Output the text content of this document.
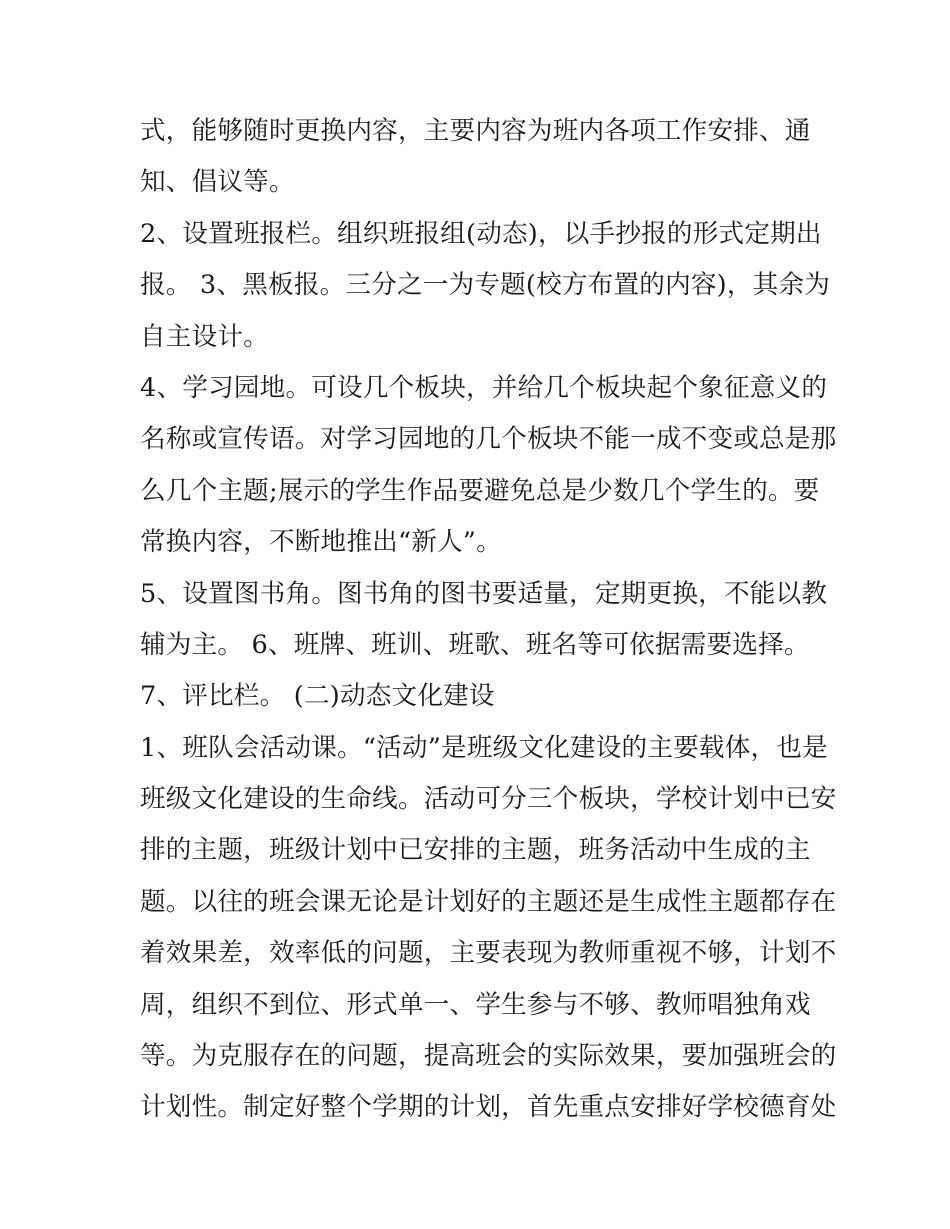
式，能够随时更换内容，主要内容为班内各项工作安排、通
知、倡议等。
2、设置班报栏。组织班报组(动态)，以手抄报的形式定期出
报。 3、黑板报。三分之一为专题(校方布置的内容)，其余为
自主设计。
4、学习园地。可设几个板块，并给几个板块起个象征意义的
名称或宣传语。对学习园地的几个板块不能一成不变或总是那
么几个主题;展示的学生作品要避免总是少数几个学生的。要
常换内容，不断地推出“新人”。
5、设置图书角。图书角的图书要适量，定期更换，不能以教
辅为主。 6、班牌、班训、班歌、班名等可依据需要选择。
7、评比栏。 (二)动态文化建设
1、班队会活动课。“活动”是班级文化建设的主要载体，也是
班级文化建设的生命线。活动可分三个板块，学校计划中已安
排的主题，班级计划中已安排的主题，班务活动中生成的主
题。以往的班会课无论是计划好的主题还是生成性主题都存在
着效果差，效率低的问题，主要表现为教师重视不够，计划不
周，组织不到位、形式单一、学生参与不够、教师唱独角戏
等。为克服存在的问题，提高班会的实际效果，要加强班会的
计划性。制定好整个学期的计划，首先重点安排好学校德育处
